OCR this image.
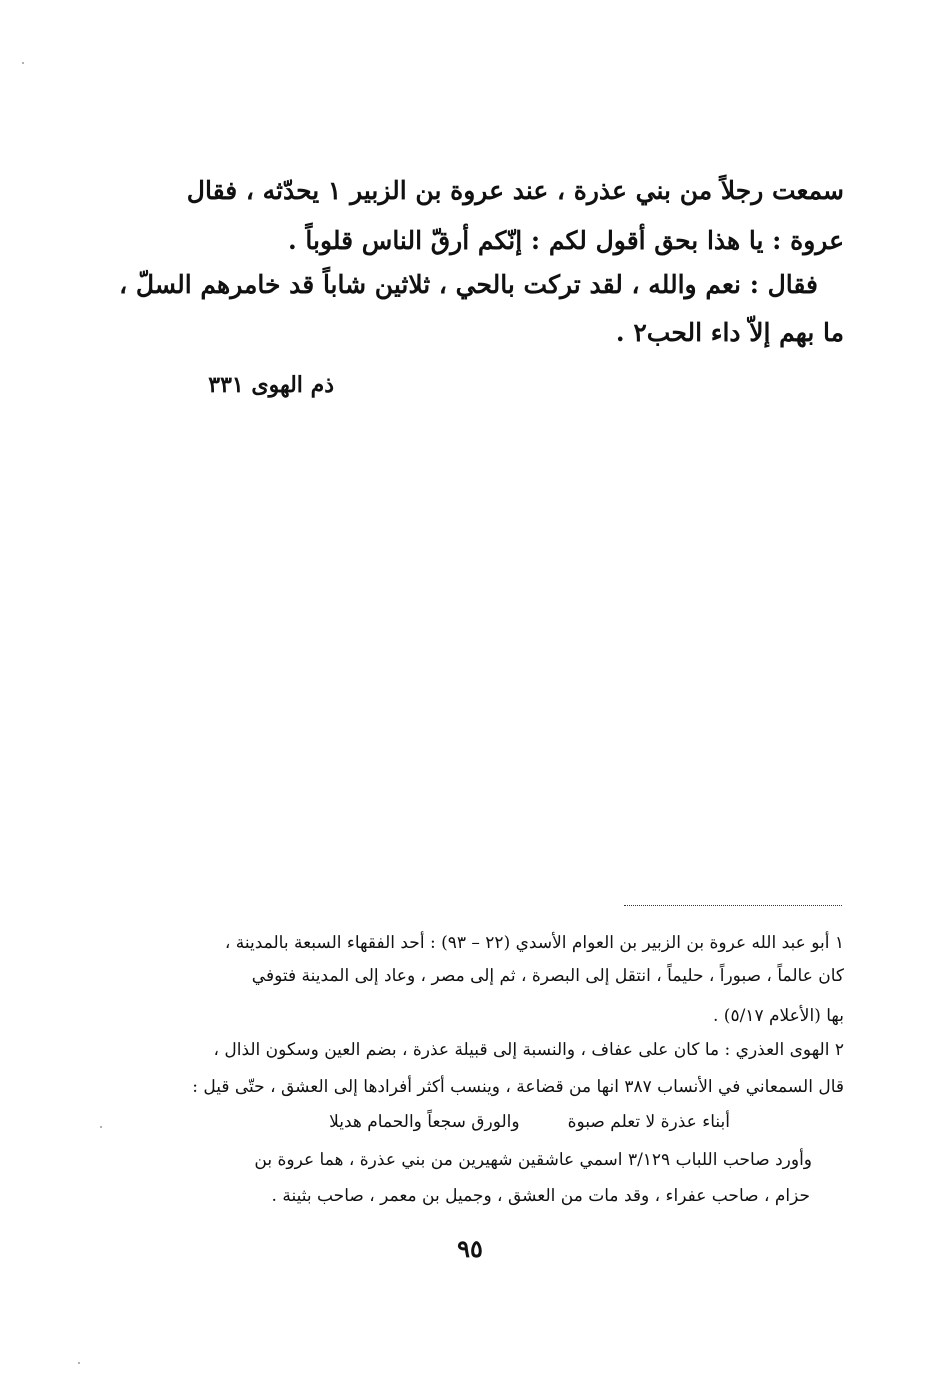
سمعت رجلاً من بني عذرة ، عند عروة بن الزبير ١ يحدّثه ، فقال
عروة : يا هذا بحق أقول لكم : إنّكم أرقّ الناس قلوباً .
فقال : نعم والله ، لقد تركت بالحي ، ثلاثين شاباً قد خامرهم السلّ ،
ما بهم إلاّ داء الحب٢ .
ذم الهوى ٣٣١
١ أبو عبد الله عروة بن الزبير بن العوام الأسدي (٢٢ – ٩٣) : أحد الفقهاء السبعة بالمدينة ،
كان عالماً ، صبوراً ، حليماً ، انتقل إلى البصرة ، ثم إلى مصر ، وعاد إلى المدينة فتوفي
بها (الأعلام ٥/١٧) .
٢ الهوى العذري : ما كان على عفاف ، والنسبة إلى قبيلة عذرة ، بضم العين وسكون الذال ،
قال السمعاني في الأنساب ٣٨٧ انها من قضاعة ، وينسب أكثر أفرادها إلى العشق ، حتّى قيل :
أبناء عذرة لا تعلم صبوة
والورق سجعاً والحمام هديلا
وأورد صاحب اللباب ٣/١٢٩ اسمي عاشقين شهيرين من بني عذرة ، هما عروة بن
حزام ، صاحب عفراء ، وقد مات من العشق ، وجميل بن معمر ، صاحب بثينة .
٩٥
